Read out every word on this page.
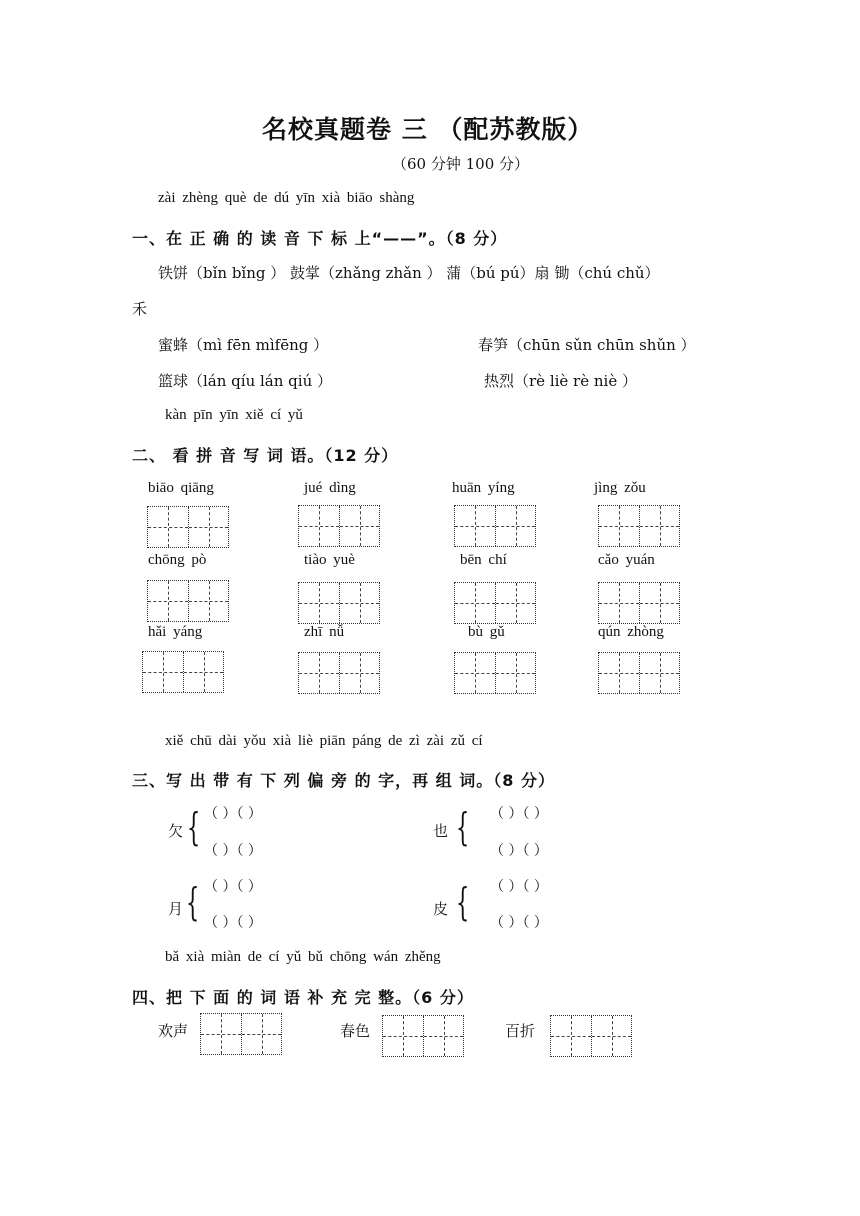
名校真题卷 三 （配苏教版）
（60 分钟 100 分）
zài zhèng què de dú yīn xià biāo shàng
一、在 正 确 的 读 音 下 标 上“——”。（8 分）
铁饼（bǐn bǐng ） 鼓掌（zhǎng zhǎn ） 蒲（bú pú）扇 锄（chú chǔ）
禾
蜜蜂（mì fēn mìfēng ）	春笋（chūn sǔn chūn shǔn ）
篮球（lán qíu lán qiú ）	热烈（rè liè rè niè ）
kàn pīn yīn xiě cí yǔ
二、 看 拼 音 写 词 语。（12 分）
biāo qiāng	jué dìng	huān yíng	jìng zǒu
chōng pò	tiào yuè	bēn chí	cǎo yuán
hǎi yáng	zhī nǚ	bù gǔ	qún zhòng
xiě chū dài yǒu xià liè piān páng de zì zài zǔ cí
三、写 出 带 有 下 列 偏 旁 的 字，再 组 词。（8 分）
欠 { （ ）（ ）
（ ）（ ）
也 { （ ）（ ）
（ ）（ ）
月 { （ ）（ ）
（ ）（ ）
皮 { （ ）（ ）
（ ）（ ）
bǎ xià miàn de cí yǔ bǔ chōng wán zhěng
四、把 下 面 的 词 语 补 充 完 整。（6 分）
欢声	春色	百折
